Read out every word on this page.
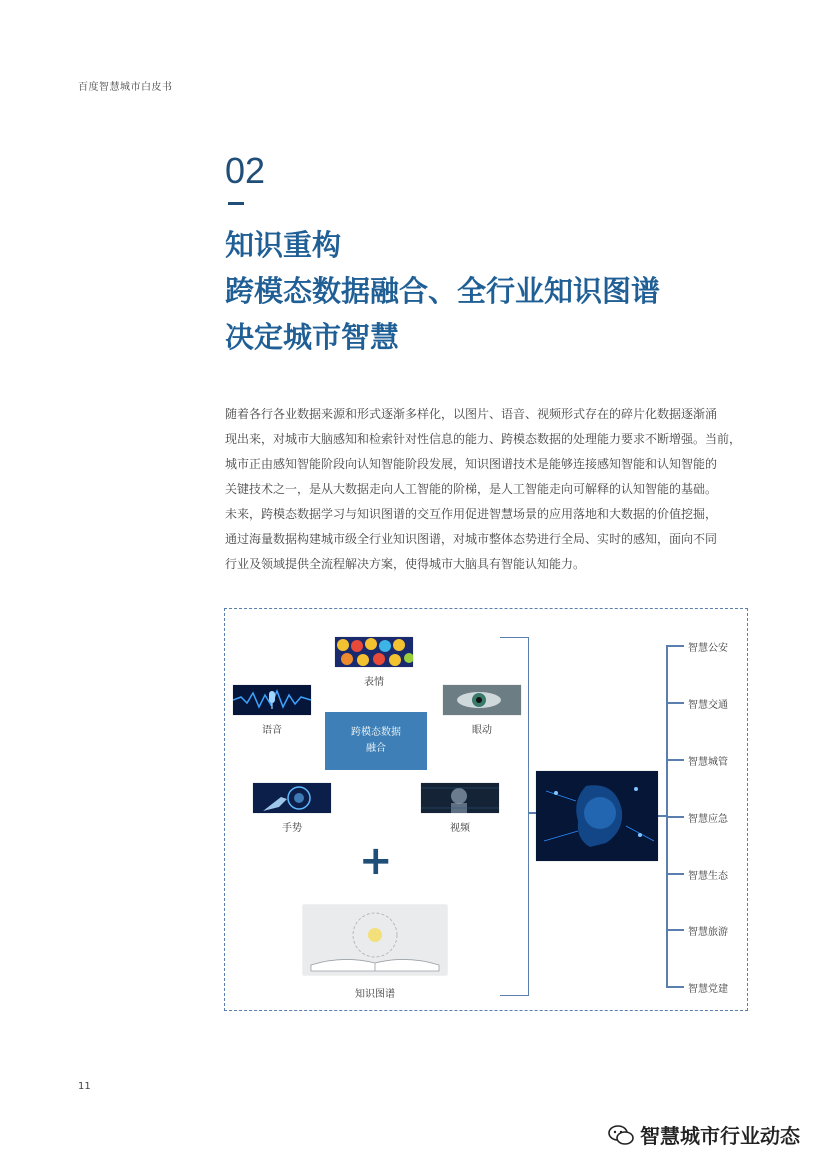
百度智慧城市白皮书
02
知识重构
跨模态数据融合、全行业知识图谱
决定城市智慧
随着各行各业数据来源和形式逐渐多样化，以图片、语音、视频形式存在的碎片化数据逐渐涌
现出来，对城市大脑感知和检索针对性信息的能力、跨模态数据的处理能力要求不断增强。当前，
城市正由感知智能阶段向认知智能阶段发展，知识图谱技术是能够连接感知智能和认知智能的
关键技术之一，是从大数据走向人工智能的阶梯，是人工智能走向可解释的认知智能的基础。
未来，跨模态数据学习与知识图谱的交互作用促进智慧场景的应用落地和大数据的价值挖掘，
通过海量数据构建城市级全行业知识图谱，对城市整体态势进行全局、实时的感知，面向不同
行业及领域提供全流程解决方案，使得城市大脑具有智能认知能力。
表情
语音	眼动
跨模态数据
融合
手势	视频
+
知识图谱
智慧公安
智慧交通
智慧城管
智慧应急
智慧生态
智慧旅游
智慧党建
11
智慧城市行业动态
